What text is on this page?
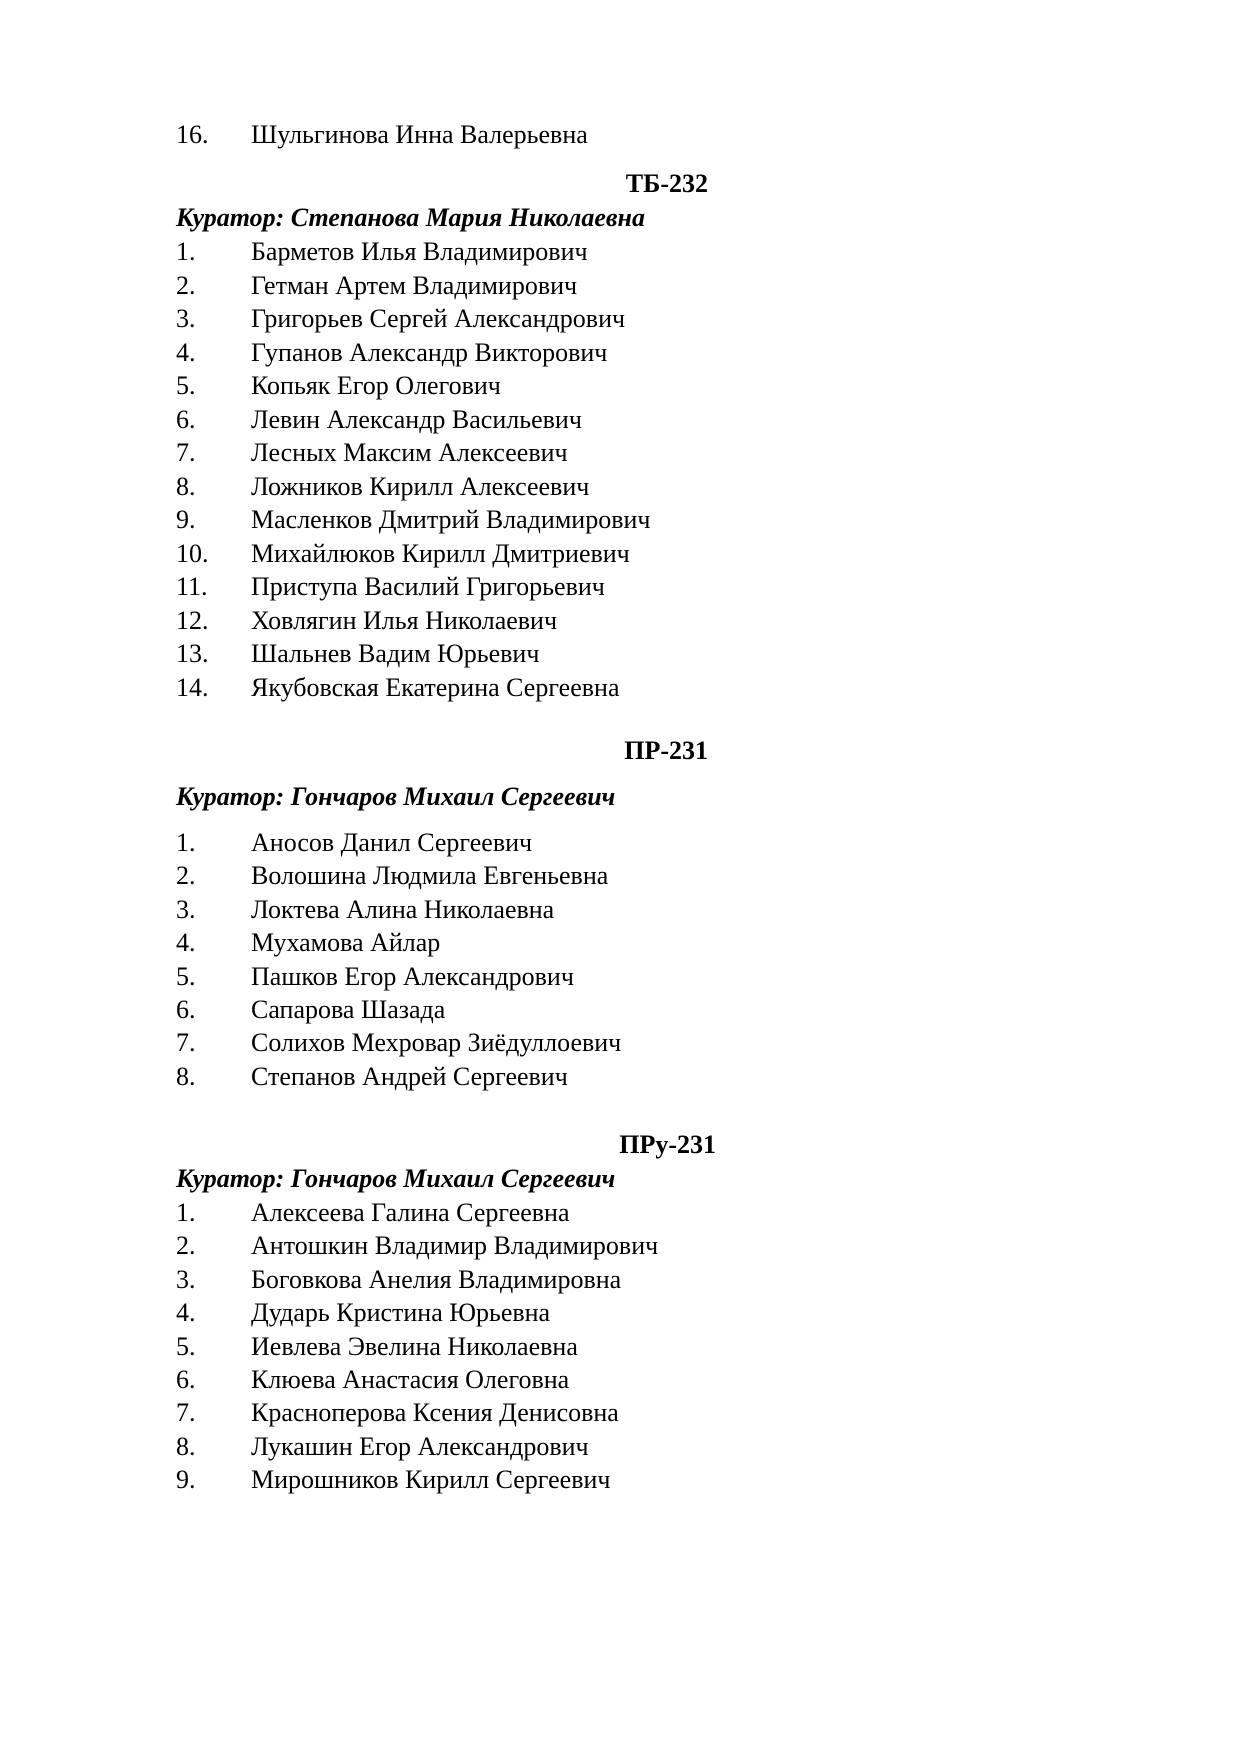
16. Шульгинова Инна Валерьевна
ТБ-232
Куратор: Степанова Мария Николаевна
1. Барметов Илья Владимирович
2. Гетман Артем Владимирович
3. Григорьев Сергей Александрович
4. Гупанов Александр Викторович
5. Копьяк Егор Олегович
6. Левин Александр Васильевич
7. Лесных Максим Алексеевич
8. Ложников Кирилл Алексеевич
9. Масленков Дмитрий Владимирович
10. Михайлюков Кирилл Дмитриевич
11. Приступа Василий Григорьевич
12. Ховлягин Илья Николаевич
13. Шальнев Вадим Юрьевич
14. Якубовская Екатерина Сергеевна
ПР-231
Куратор: Гончаров Михаил Сергеевич
1. Аносов Данил Сергеевич
2. Волошина Людмила Евгеньевна
3. Локтева Алина Николаевна
4. Мухамова Айлар
5. Пашков Егор Александрович
6. Сапарова Шазада
7. Солихов Мехровар Зиёдуллоевич
8. Степанов Андрей Сергеевич
ПРу-231
Куратор: Гончаров Михаил Сергеевич
1. Алексеева Галина Сергеевна
2. Антошкин Владимир Владимирович
3. Боговкова Анелия Владимировна
4. Дударь Кристина Юрьевна
5. Иевлева Эвелина Николаевна
6. Клюева Анастасия Олеговна
7. Красноперова Ксения Денисовна
8. Лукашин Егор Александрович
9. Мирошников Кирилл Сергеевич
